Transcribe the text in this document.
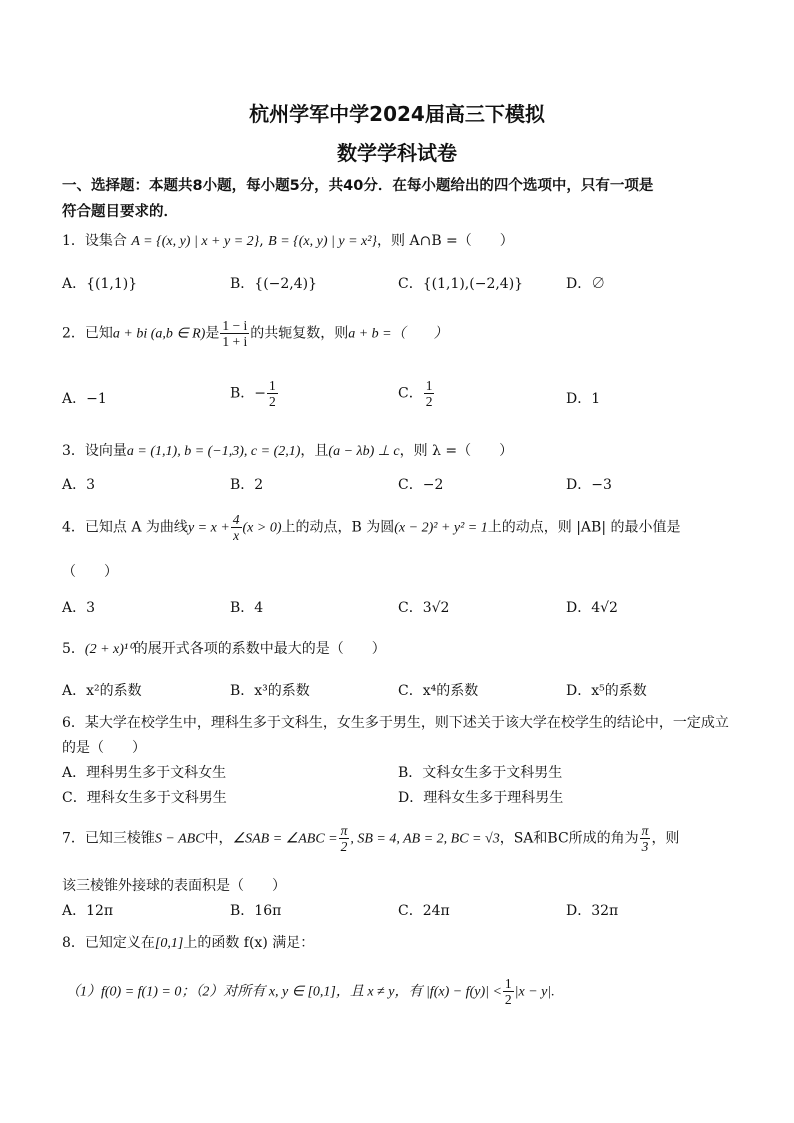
杭州学军中学2024届高三下模拟
数学学科试卷
一、选择题：本题共8小题，每小题5分，共40分．在每小题给出的四个选项中，只有一项是
符合题目要求的．
1．设集合 A = {(x, y) | x + y = 2}, B = {(x, y) | y = x²}，则 A∩B =（　　）
A．{(1,1)}	B．{(−2,4)}	C．{(1,1),(−2,4)}	D．∅
2．已知a + bi (a,b ∈ R)是 $\frac{1 - i}{1 + i}$ 的共轭复数，则a + b =（　　）
A．−1	B．− $\frac{1}{2}$	C． $\frac{1}{2}$	D．1
3．设向量a = (1,1), b = (−1,3), c = (2,1)，且(a − λb) ⊥ c，则 λ =（　　）
A．3	B．2	C．−2	D．−3
4．已知点 A 为曲线$y = x + \frac{4}{x} (x > 0)$上的动点，B 为圆(x − 2)² + y² = 1上的动点，则 |AB| 的最小值是
（　　）
A．3	B．4	C．3√2	D．4√2
5．(2 + x)¹⁰的展开式各项的系数中最大的是（　　）
A．x²的系数	B．x³的系数	C．x⁴的系数	D．x⁵的系数
6．某大学在校学生中，理科生多于文科生，女生多于男生，则下述关于该大学在校学生的结论中，一定成立
的是（　　）
A．理科男生多于文科女生	B．文科女生多于文科男生
C．理科女生多于文科男生	D．理科女生多于理科男生
7．已知三棱锥S − ABC中，∠SAB = ∠ABC = $\frac{\pi}{2}$ , SB = 4, AB = 2, BC = √3，SA和BC所成的角为 $\frac{\pi}{3}$ ，则
该三棱锥外接球的表面积是（　　）
A．12π	B．16π	C．24π	D．32π
8．已知定义在[0,1]上的函数 f(x) 满足：
（1）f(0) = f(1) = 0；（2）对所有 x, y ∈ [0,1]，且 x ≠ y，有 $|f(x) - f(y)| < \frac{1}{2} |x - y|$.
